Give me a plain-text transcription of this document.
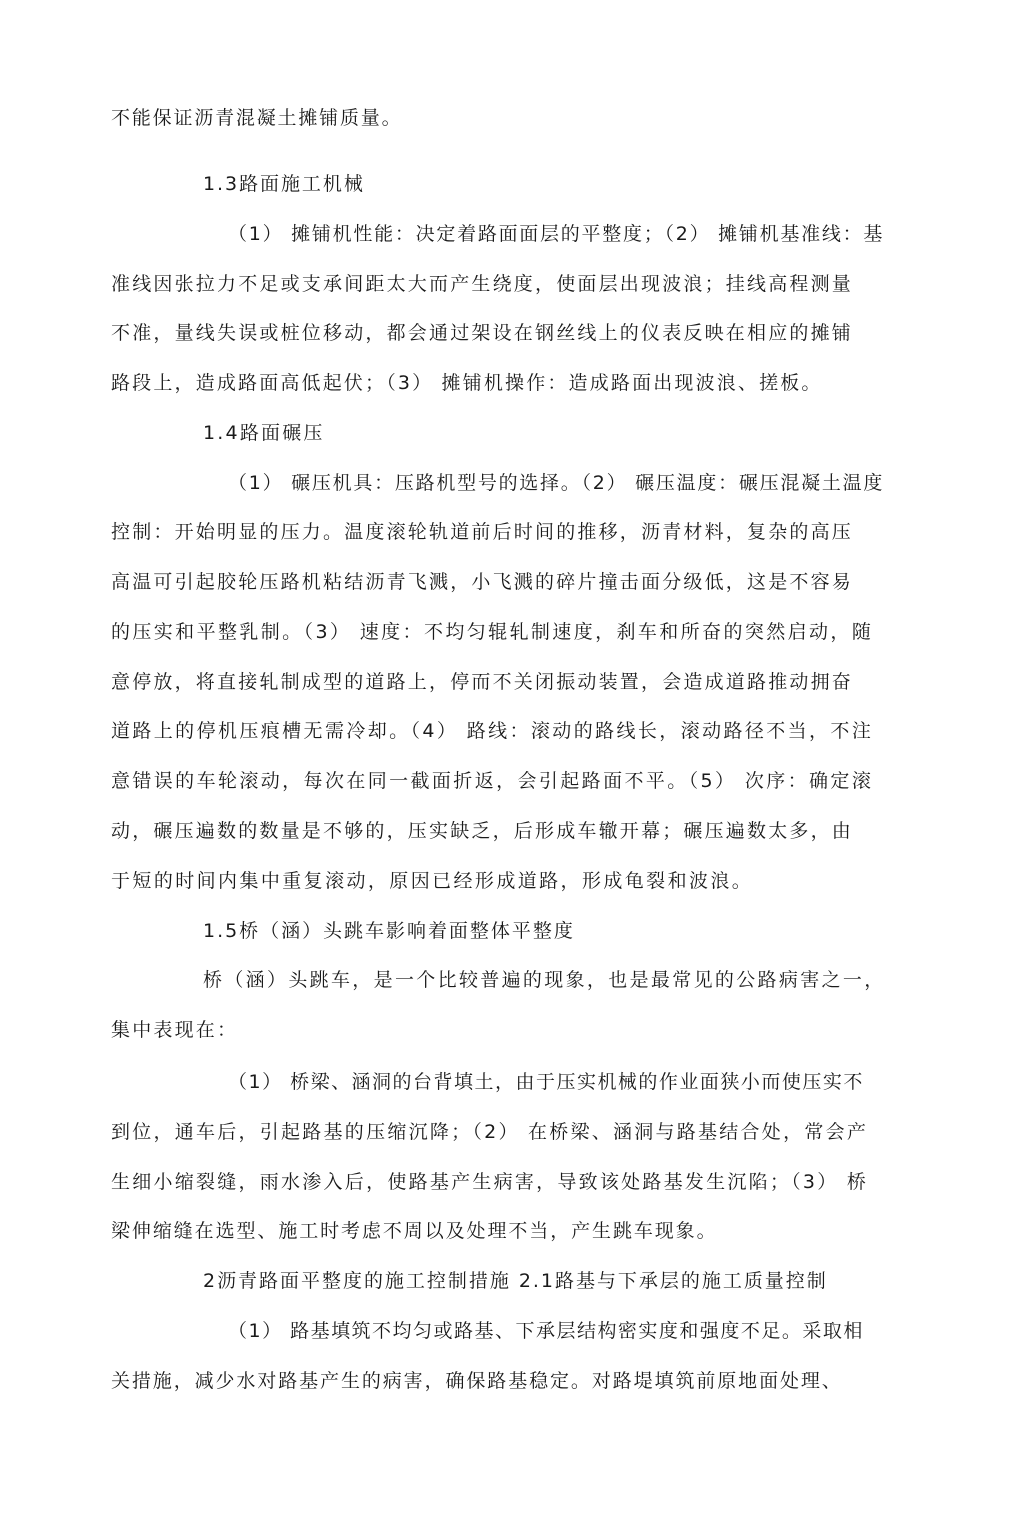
不能保证沥青混凝土摊铺质量。
1.3路面施工机械
（1） 摊铺机性能：决定着路面面层的平整度；（2） 摊铺机基准线：基
准线因张拉力不足或支承间距太大而产生绕度，使面层出现波浪；挂线高程测量
不准，量线失误或桩位移动，都会通过架设在钢丝线上的仪表反映在相应的摊铺
路段上，造成路面高低起伏；（3） 摊铺机操作：造成路面出现波浪、搓板。
1.4路面碾压
（1） 碾压机具：压路机型号的选择。（2） 碾压温度：碾压混凝土温度
控制：开始明显的压力。温度滚轮轨道前后时间的推移，沥青材料，复杂的高压
高温可引起胶轮压路机粘结沥青飞溅，小飞溅的碎片撞击面分级低，这是不容易
的压实和平整乳制。（3） 速度：不均匀辊轧制速度，刹车和所奋的突然启动，随
意停放，将直接轧制成型的道路上，停而不关闭振动装置，会造成道路推动拥奋
道路上的停机压痕槽无需冷却。（4） 路线：滚动的路线长，滚动路径不当，不注
意错误的车轮滚动，每次在同一截面折返，会引起路面不平。（5） 次序：确定滚
动，碾压遍数的数量是不够的，压实缺乏，后形成车辙开幕；碾压遍数太多，由
于短的时间内集中重复滚动，原因已经形成道路，形成龟裂和波浪。
1.5桥（涵）头跳车影响着面整体平整度
桥（涵）头跳车，是一个比较普遍的现象，也是最常见的公路病害之一，
集中表现在：
（1） 桥梁、涵洞的台背填土，由于压实机械的作业面狭小而使压实不
到位，通车后，引起路基的压缩沉降；（2） 在桥梁、涵洞与路基结合处，常会产
生细小缩裂缝，雨水渗入后，使路基产生病害，导致该处路基发生沉陷；（3） 桥
梁伸缩缝在选型、施工时考虑不周以及处理不当，产生跳车现象。
2沥青路面平整度的施工控制措施 2.1路基与下承层的施工质量控制
（1） 路基填筑不均匀或路基、下承层结构密实度和强度不足。采取相
关措施，减少水对路基产生的病害，确保路基稳定。对路堤填筑前原地面处理、
